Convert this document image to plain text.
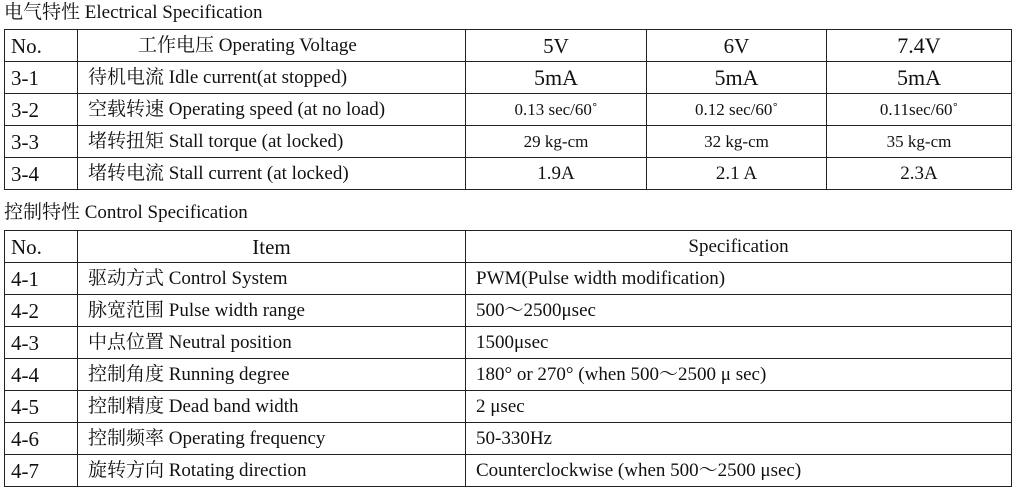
电气特性 Electrical Specification
No.	工作电压 Operating Voltage	5V	6V	7.4V
3-1	待机电流 Idle current(at stopped)	5mA	5mA	5mA
3-2	空载转速 Operating speed (at no load)	0.13 sec/60˚	0.12 sec/60˚	0.11sec/60˚
3-3	堵转扭矩 Stall torque (at locked)	29 kg-cm	32 kg-cm	35 kg-cm
3-4	堵转电流 Stall current (at locked)	1.9A	2.1 A	2.3A
控制特性 Control Specification
No.	Item	Specification
4-1	驱动方式 Control System	PWM(Pulse width modification)
4-2	脉宽范围 Pulse width range	500～2500μsec
4-3	中点位置 Neutral position	1500μsec
4-4	控制角度 Running degree	180° or 270° (when 500～2500 μ sec)
4-5	控制精度 Dead band width	2 μsec
4-6	控制频率 Operating frequency	50-330Hz
4-7	旋转方向 Rotating direction	Counterclockwise (when 500～2500 μsec)
